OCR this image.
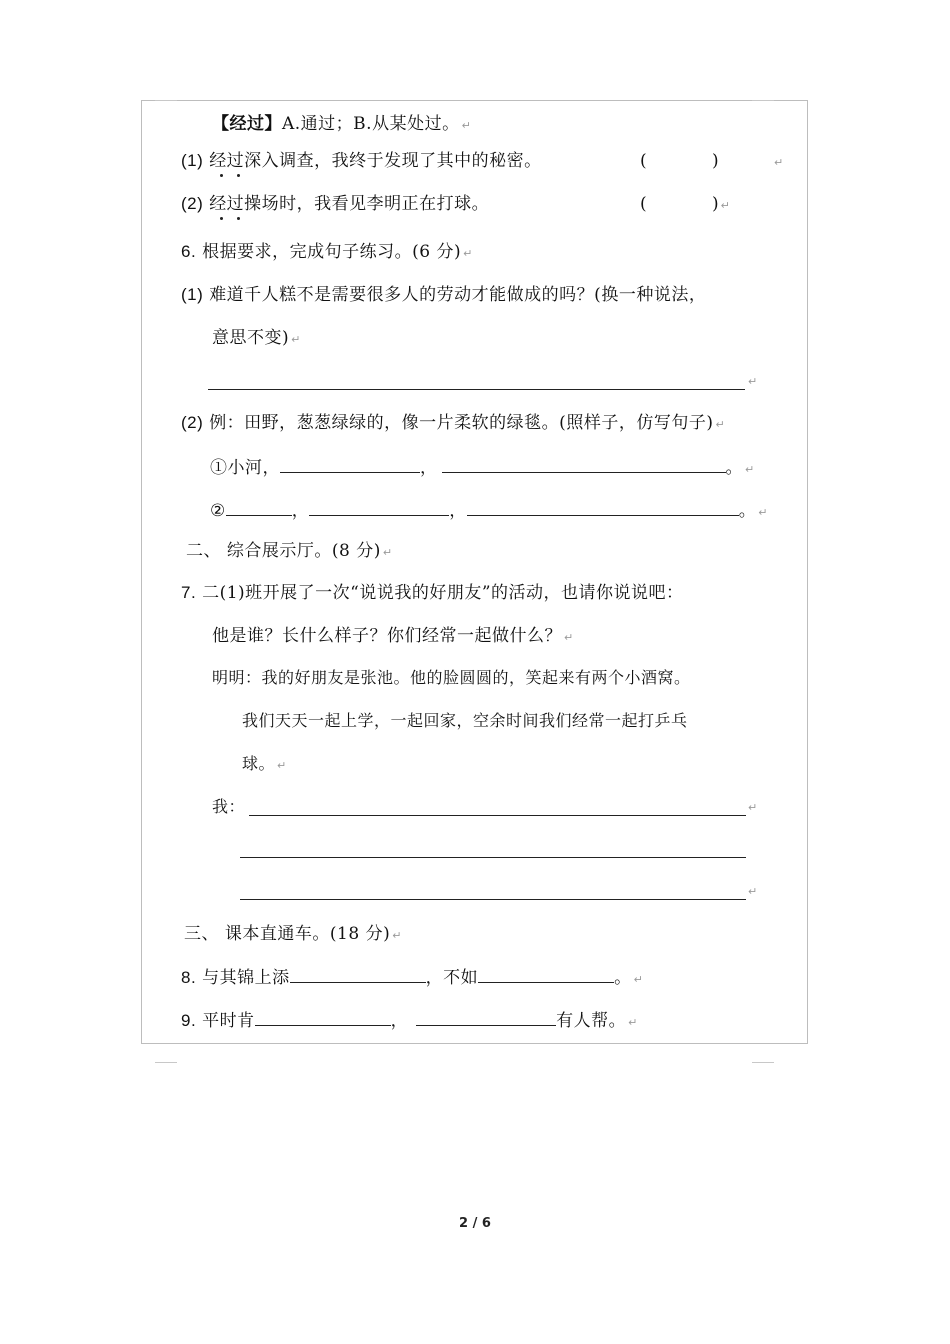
【经过】A.通过；B.从某处过。 ↵
(1) 经过深入调查，我终于发现了其中的秘密。	(	)	↵
(2) 经过操场时，我看见李明正在打球。	(	) ↵
6. 根据要求，完成句子练习。(6 分) ↵
(1) 难道千人糕不是需要很多人的劳动才能做成的吗？(换一种说法，
意思不变) ↵
↵
(2) 例：田野，葱葱绿绿的，像一片柔软的绿毯。(照样子，仿写句子) ↵
①小河，	，	。 ↵
②	，	，	。 ↵
二、 综合展示厅。(8 分) ↵
7. 二(1)班开展了一次“说说我的好朋友”的活动，也请你说说吧：
他是谁？长什么样子？你们经常一起做什么？ ↵
明明：我的好朋友是张池。他的脸圆圆的，笑起来有两个小酒窝。
我们天天一起上学，一起回家，空余时间我们经常一起打乒乓
球。 ↵
我：	↵
↵
三、 课本直通车。(18 分) ↵
8. 与其锦上添	，不如	。 ↵
9. 平时肯	，	有人帮。 ↵
2 / 6
